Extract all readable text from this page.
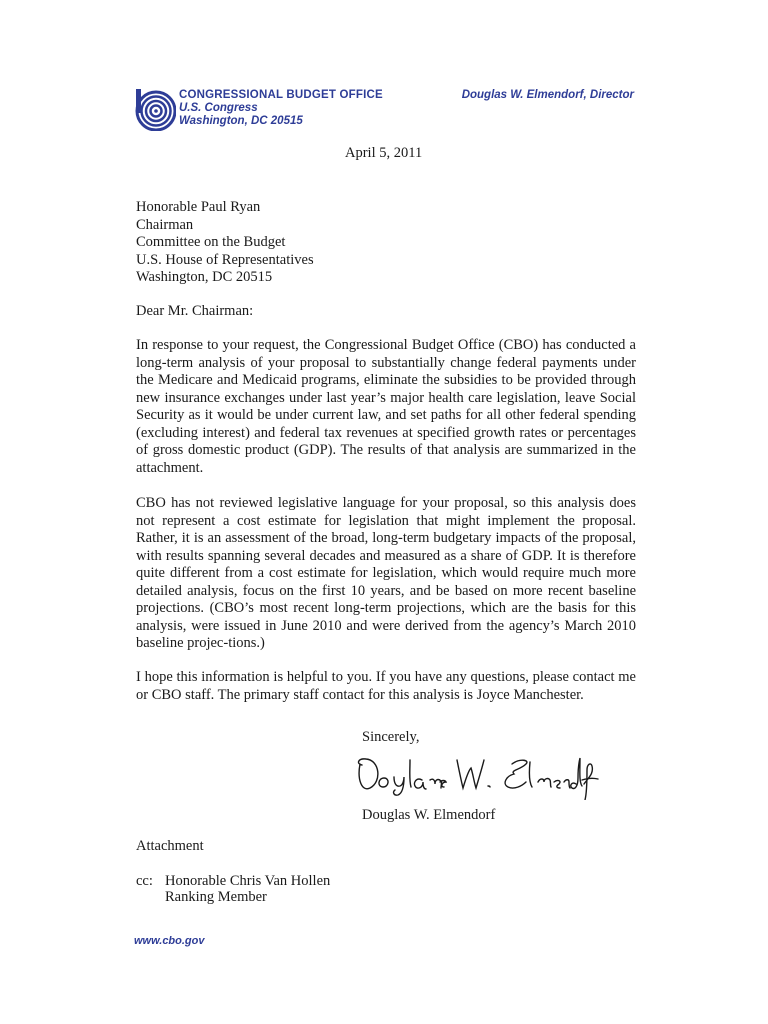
CONGRESSIONAL BUDGET OFFICE
U.S. Congress
Washington, DC 20515
Douglas W. Elmendorf, Director
April 5, 2011
Honorable Paul Ryan
Chairman
Committee on the Budget
U.S. House of Representatives
Washington, DC 20515
Dear Mr. Chairman:

In response to your request, the Congressional Budget Office (CBO) has conducted a long-term analysis of your proposal to substantially change federal payments under the Medicare and Medicaid programs, eliminate the subsidies to be provided through new insurance exchanges under last year’s major health care legislation, leave Social Security as it would be under current law, and set paths for all other federal spending (excluding interest) and federal tax revenues at specified growth rates or percentages of gross domestic product (GDP). The results of that analysis are summarized in the attachment.

CBO has not reviewed legislative language for your proposal, so this analysis does not represent a cost estimate for legislation that might implement the proposal. Rather, it is an assessment of the broad, long-term budgetary impacts of the proposal, with results spanning several decades and measured as a share of GDP. It is therefore quite different from a cost estimate for legislation, which would require much more detailed analysis, focus on the first 10 years, and be based on more recent baseline projections. (CBO’s most recent long-term projections, which are the basis for this analysis, were issued in June 2010 and were derived from the agency’s March 2010 baseline projec-tions.)

I hope this information is helpful to you. If you have any questions, please contact me or CBO staff. The primary staff contact for this analysis is Joyce Manchester.

Sincerely,
Douglas W. Elmendorf
Attachment
cc: Honorable Chris Van Hollen
Ranking Member
www.cbo.gov
